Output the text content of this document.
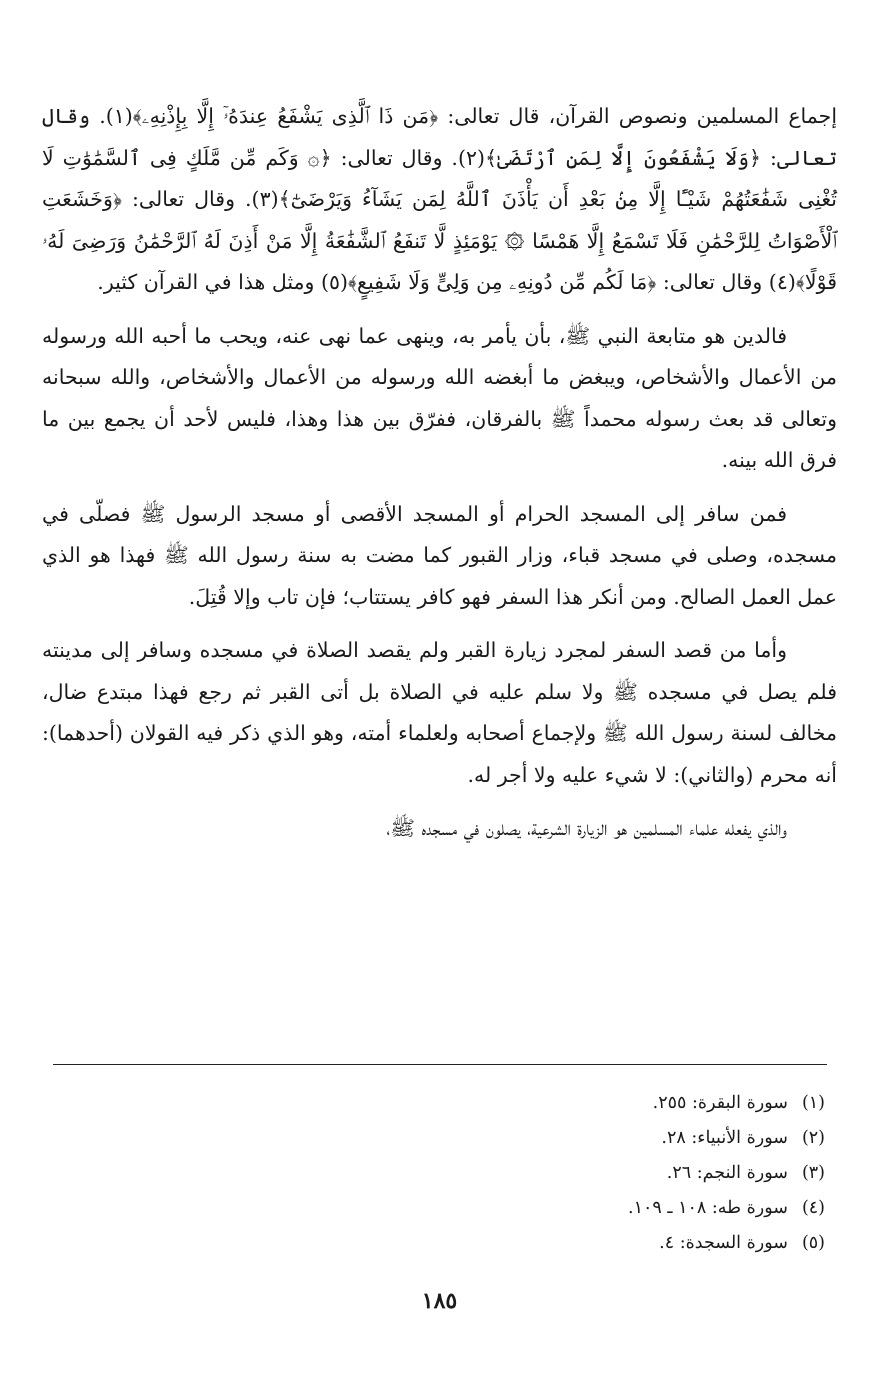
إجماع المسلمين ونصوص القرآن، قال تعالى: ﴿مَن ذَا ٱلَّذِى يَشْفَعُ عِندَهُۥٓ إِلَّا بِإِذْنِهِۦ﴾(١). وقال تعالى: ﴿وَلَا يَشْفَعُونَ إِلَّا لِمَنِ ٱرْتَضَىٰ﴾(٢). وقال تعالى: ﴿۞ وَكَم مِّن مَّلَكٍ فِى ٱلسَّمَٰوَٰتِ لَا تُغْنِى شَفَٰعَتُهُمْ شَيْـًٔا إِلَّا مِنۢ بَعْدِ أَن يَأْذَنَ ٱللَّهُ لِمَن يَشَآءُ وَيَرْضَىٰٓ﴾(٣). وقال تعالى: ﴿وَخَشَعَتِ ٱلْأَصْوَاتُ لِلرَّحْمَٰنِ فَلَا تَسْمَعُ إِلَّا هَمْسًا ۞ يَوْمَئِذٍ لَّا تَنفَعُ ٱلشَّفَٰعَةُ إِلَّا مَنْ أَذِنَ لَهُ ٱلرَّحْمَٰنُ وَرَضِىَ لَهُۥ قَوْلًا﴾(٤) وقال تعالى: ﴿مَا لَكُم مِّن دُونِهِۦ مِن وَلِىٍّ وَلَا شَفِيعٍ﴾(٥) ومثل هذا في القرآن كثير.

فالدين هو متابعة النبي ﷺ، بأن يأمر به، وينهى عما نهى عنه، ويحب ما أحبه الله ورسوله من الأعمال والأشخاص، ويبغض ما أبغضه الله ورسوله من الأعمال والأشخاص، والله سبحانه وتعالى قد بعث رسوله محمداً ﷺ بالفرقان، ففرّق بين هذا وهذا، فليس لأحد أن يجمع بين ما فرق الله بينه.

فمن سافر إلى المسجد الحرام أو المسجد الأقصى أو مسجد الرسول ﷺ فصلّى في مسجده، وصلى في مسجد قباء، وزار القبور كما مضت به سنة رسول الله ﷺ فهذا هو الذي عمل العمل الصالح. ومن أنكر هذا السفر فهو كافر يستتاب؛ فإن تاب وإلا قُتِلَ.

وأما من قصد السفر لمجرد زيارة القبر ولم يقصد الصلاة في مسجده وسافر إلى مدينته فلم يصل في مسجده ﷺ ولا سلم عليه في الصلاة بل أتى القبر ثم رجع فهذا مبتدع ضال، مخالف لسنة رسول الله ﷺ ولإجماع أصحابه ولعلماء أمته، وهو الذي ذكر فيه القولان (أحدهما): أنه محرم (والثاني): لا شيء عليه ولا أجر له.

والذي يفعله علماء المسلمين هو الزيارة الشرعية، يصلون في مسجده ﷺ،

(١)سورة البقرة: ٢٥٥.

(٢)سورة الأنبياء: ٢٨.

(٣)سورة النجم: ٢٦.

(٤)سورة طه: ١٠٨ ـ ١٠٩.

(٥)سورة السجدة: ٤.

١٨٥
